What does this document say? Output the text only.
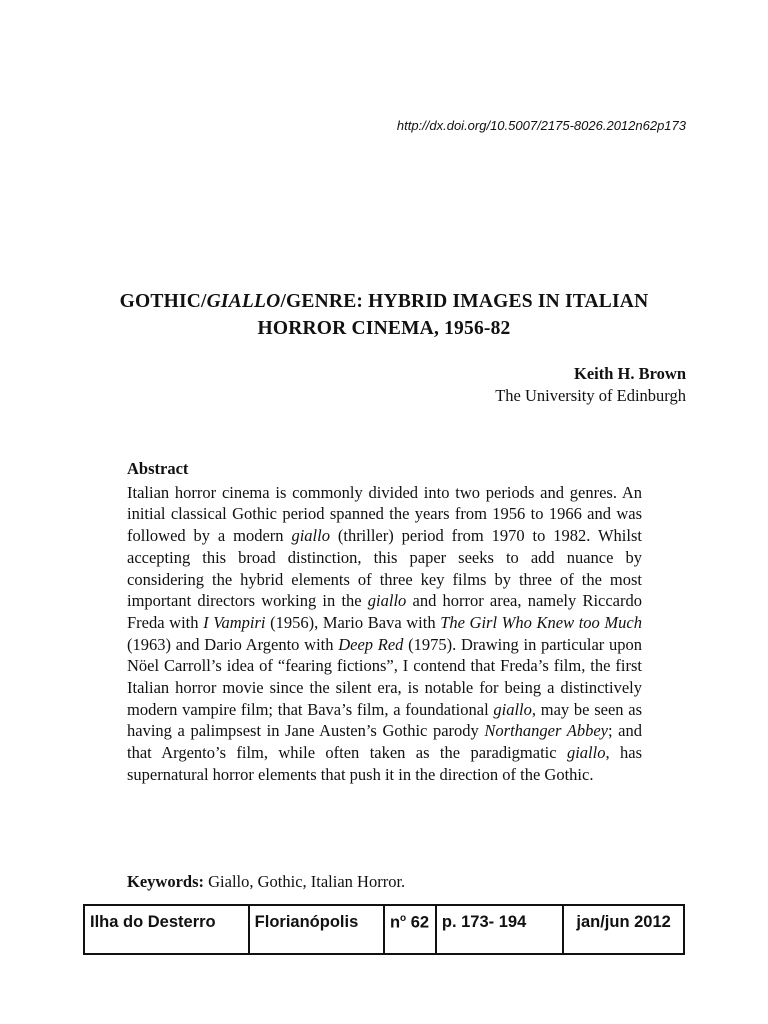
http://dx.doi.org/10.5007/2175-8026.2012n62p173
GOTHIC/GIALLO/GENRE: HYBRID IMAGES IN ITALIAN
HORROR CINEMA, 1956-82
Keith H. Brown
The University of Edinburgh
Abstract

Italian horror cinema is commonly divided into two periods and genres. An initial classical Gothic period spanned the years from 1956 to 1966 and was followed by a modern giallo (thriller) period from 1970 to 1982. Whilst accepting this broad distinction, this paper seeks to add nuance by considering the hybrid elements of three key films by three of the most important directors working in the giallo and horror area, namely Riccardo Freda with I Vampiri (1956), Mario Bava with The Girl Who Knew too Much (1963) and Dario Argento with Deep Red (1975). Drawing in particular upon Nöel Carroll’s idea of “fearing fictions”, I contend that Freda’s film, the first Italian horror movie since the silent era, is notable for being a distinctively modern vampire film; that Bava’s film, a foundational giallo, may be seen as having a palimpsest in Jane Austen’s Gothic parody Northanger Abbey; and that Argento’s film, while often taken as the paradigmatic giallo, has supernatural horror elements that push it in the direction of the Gothic.

Keywords: Giallo, Gothic, Italian Horror.
Ilha do Desterro	Florianópolis	$n^o$ 62	p. 173- 194	jan/jun 2012
